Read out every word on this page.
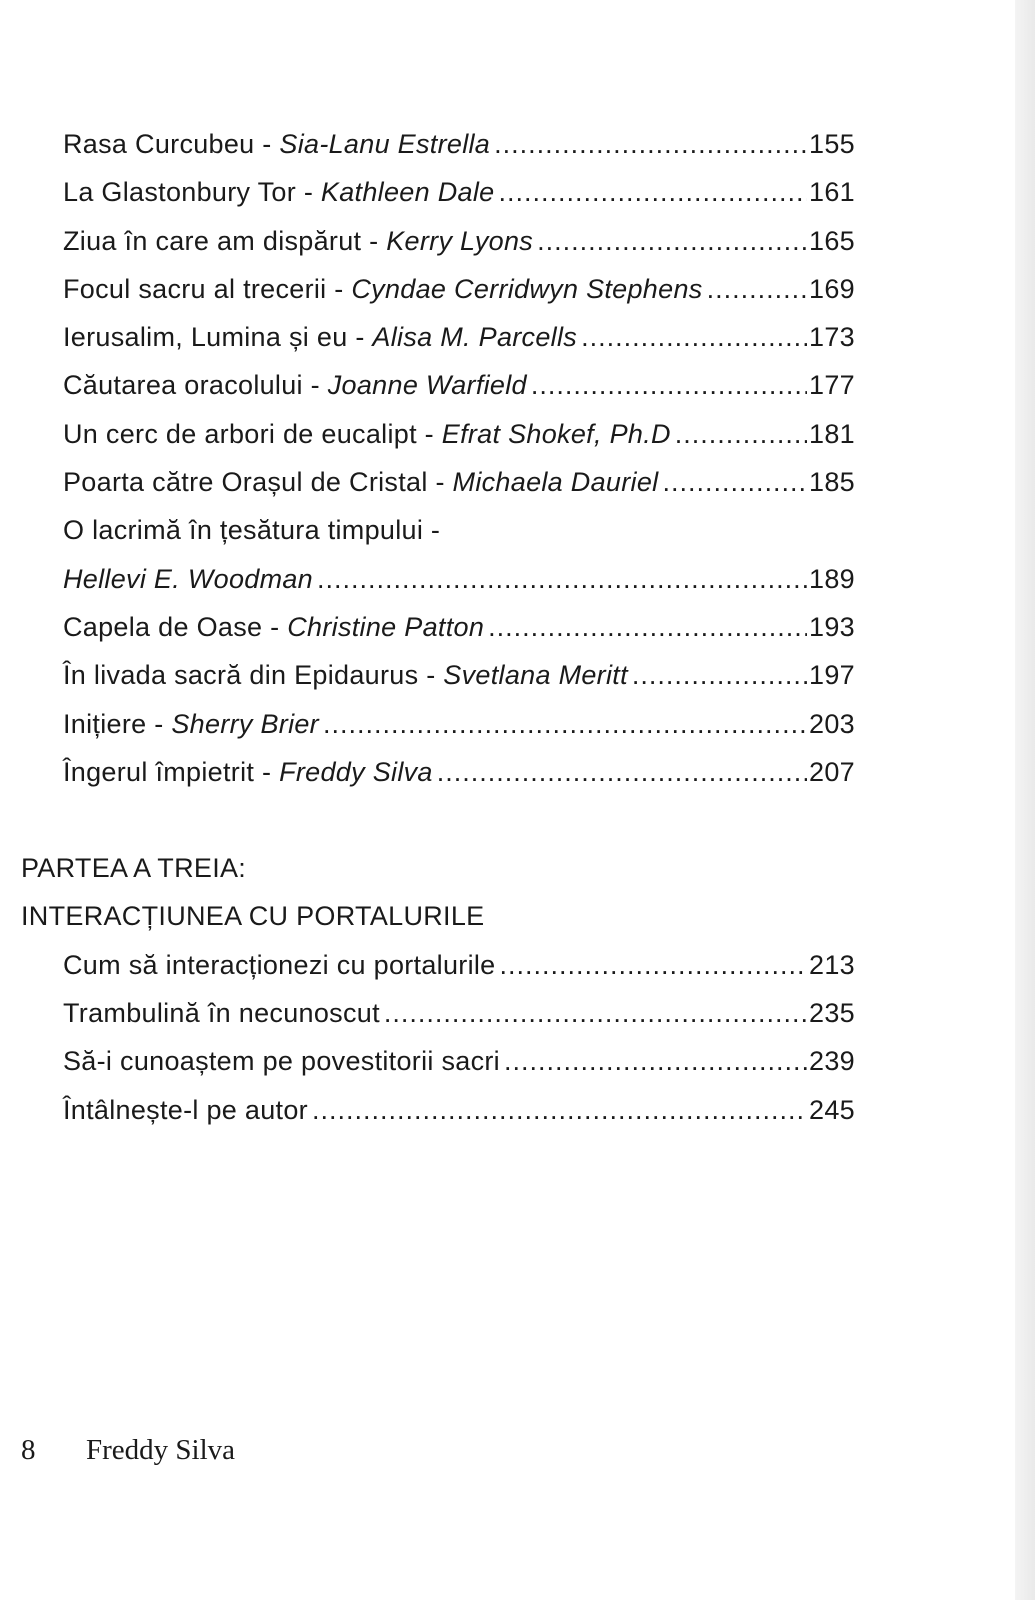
Rasa Curcubeu - Sia-Lanu Estrella .....	155
La Glastonbury Tor - Kathleen Dale .....	161
Ziua în care am dispărut - Kerry Lyons .....	165
Focul sacru al trecerii - Cyndae Cerridwyn Stephens .....	169
Ierusalim, Lumina și eu - Alisa M. Parcells .....	173
Căutarea oracolului - Joanne Warfield .....	177
Un cerc de arbori de eucalipt - Efrat Shokef, Ph.D .....	181
Poarta către Orașul de Cristal - Michaela Dauriel .....	185
O lacrimă în țesătura timpului -
Hellevi E. Woodman .....	189
Capela de Oase - Christine Patton .....	193
În livada sacră din Epidaurus - Svetlana Meritt .....	197
Inițiere - Sherry Brier .....	203
Îngerul împietrit - Freddy Silva .....	207
PARTEA A TREIA:
INTERACȚIUNEA CU PORTALURILE
Cum să interacționezi cu portalurile .....	213
Trambulină în necunoscut .....	235
Să-i cunoaștem pe povestitorii sacri .....	239
Întâlnește-l pe autor .....	245
8 Freddy Silva
